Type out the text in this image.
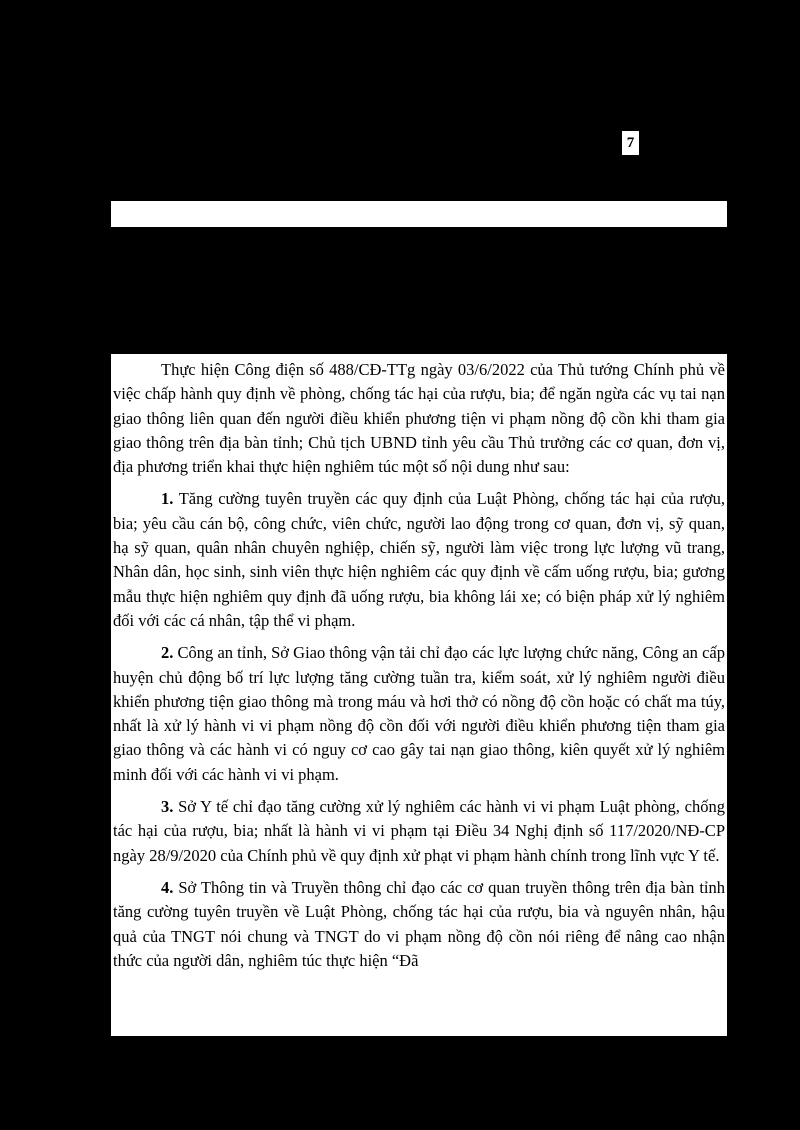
7

Thực hiện Công điện số 488/CĐ-TTg ngày 03/6/2022 của Thủ tướng Chính phủ về việc chấp hành quy định về phòng, chống tác hại của rượu, bia; để ngăn ngừa các vụ tai nạn giao thông liên quan đến người điều khiển phương tiện vi phạm nồng độ cồn khi tham gia giao thông trên địa bàn tỉnh; Chủ tịch UBND tỉnh yêu cầu Thủ trưởng các cơ quan, đơn vị, địa phương triển khai thực hiện nghiêm túc một số nội dung như sau:

1. Tăng cường tuyên truyền các quy định của Luật Phòng, chống tác hại của rượu, bia; yêu cầu cán bộ, công chức, viên chức, người lao động trong cơ quan, đơn vị, sỹ quan, hạ sỹ quan, quân nhân chuyên nghiệp, chiến sỹ, người làm việc trong lực lượng vũ trang, Nhân dân, học sinh, sinh viên thực hiện nghiêm các quy định về cấm uống rượu, bia; gương mẫu thực hiện nghiêm quy định đã uống rượu, bia không lái xe; có biện pháp xử lý nghiêm đối với các cá nhân, tập thể vi phạm.

2. Công an tỉnh, Sở Giao thông vận tải chỉ đạo các lực lượng chức năng, Công an cấp huyện chủ động bố trí lực lượng tăng cường tuần tra, kiểm soát, xử lý nghiêm người điều khiển phương tiện giao thông mà trong máu và hơi thở có nồng độ cồn hoặc có chất ma túy, nhất là xử lý hành vi vi phạm nồng độ cồn đối với người điều khiển phương tiện tham gia giao thông và các hành vi có nguy cơ cao gây tai nạn giao thông, kiên quyết xử lý nghiêm minh đối với các hành vi vi phạm.

3. Sở Y tế chỉ đạo tăng cường xử lý nghiêm các hành vi vi phạm Luật phòng, chống tác hại của rượu, bia; nhất là hành vi vi phạm tại Điều 34 Nghị định số 117/2020/NĐ-CP ngày 28/9/2020 của Chính phủ về quy định xử phạt vi phạm hành chính trong lĩnh vực Y tế.

4. Sở Thông tin và Truyền thông chỉ đạo các cơ quan truyền thông trên địa bàn tỉnh tăng cường tuyên truyền về Luật Phòng, chống tác hại của rượu, bia và nguyên nhân, hậu quả của TNGT nói chung và TNGT do vi phạm nồng độ cồn nói riêng để nâng cao nhận thức của người dân, nghiêm túc thực hiện “Đã
